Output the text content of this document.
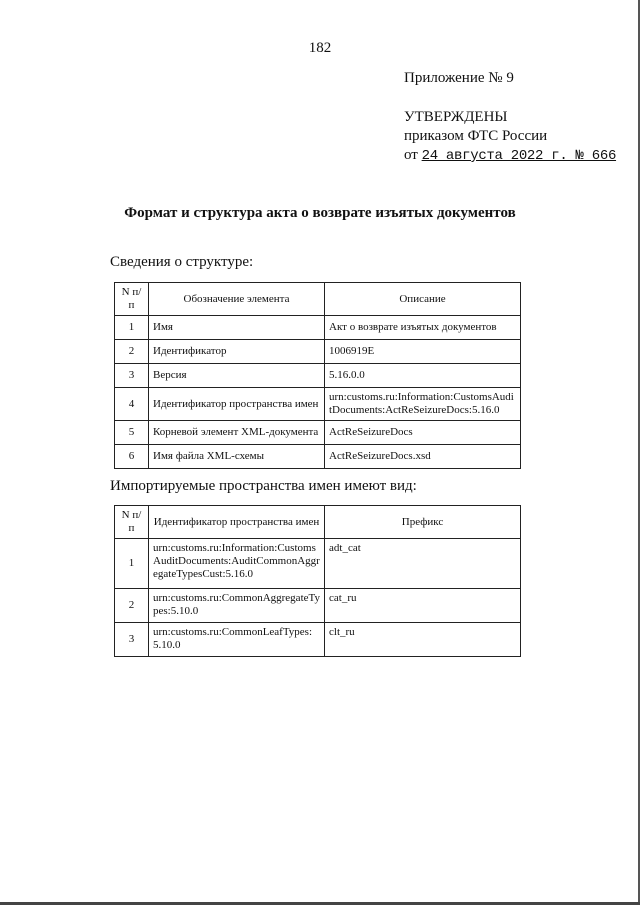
182
Приложение № 9
УТВЕРЖДЕНЫ
приказом ФТС России
от 24 августа 2022 г. № 666
Формат и структура акта о возврате изъятых документов
Сведения о структуре:
N п/п	Обозначение элемента	Описание
1	Имя	Акт о возврате изъятых документов
2	Идентификатор	1006919E
3	Версия	5.16.0.0
4	Идентификатор пространства имен	urn:customs.ru:Information:CustomsAuditDocuments:ActReSeizureDocs:5.16.0
5	Корневой элемент XML-документа	ActReSeizureDocs
6	Имя файла XML-схемы	ActReSeizureDocs.xsd
Импортируемые пространства имен имеют вид:
N п/п	Идентификатор пространства имен	Префикс
1	urn:customs.ru:Information:CustomsAuditDocuments:AuditCommonAggregateTypesCust:5.16.0	adt_cat
2	urn:customs.ru:CommonAggregateTypes:5.10.0	cat_ru
3	urn:customs.ru:CommonLeafTypes:5.10.0	clt_ru
